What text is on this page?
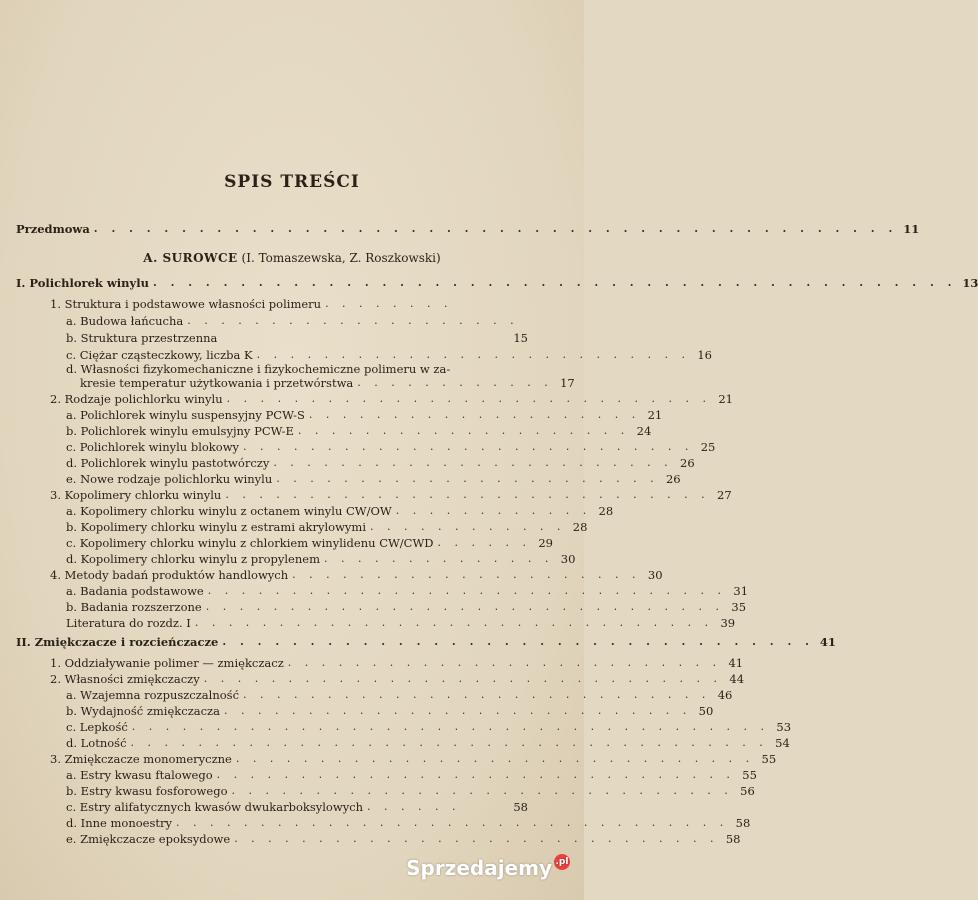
SPIS TREŚCI
Przedmowa . . . . . . . . . . . . . . . . . . . . . . . . . . . . . . . . . . . . . . . . . . . . . . 11
A. SUROWCE (I. Tomaszewska, Z. Roszkowski)
I. Polichlorek winylu . . . . . . . . . . . . . . . . . . . . . . . . . . . . . . . . . . . . . . . . . . . . . . 13
1. Struktura i podstawowe własności polimeru . . . . . . . .
a. Budowa łańcucha . . . . . . . . . . . . . . . . . . . .
b. Struktura przestrzenna	15
c. Ciężar cząsteczkowy, liczba K . . . . . . . . . . . . . . . . . . . . . . . . . . 16
d. Własności fizykomechaniczne i fizykochemiczne polimeru w za-
kresie temperatur użytkowania i przetwórstwa . . . . . . . . . . . . 17
2. Rodzaje polichlorku winylu . . . . . . . . . . . . . . . . . . . . . . . . . . . . . 21
a. Polichlorek winylu suspensyjny PCW-S . . . . . . . . . . . . . . . . . . . . 21
b. Polichlorek winylu emulsyjny PCW-E . . . . . . . . . . . . . . . . . . . . 24
c. Polichlorek winylu blokowy . . . . . . . . . . . . . . . . . . . . . . . . . . . 25
d. Polichlorek winylu pastotwórczy . . . . . . . . . . . . . . . . . . . . . . . . 26
e. Nowe rodzaje polichlorku winylu . . . . . . . . . . . . . . . . . . . . . . . 26
3. Kopolimery chlorku winylu . . . . . . . . . . . . . . . . . . . . . . . . . . . . . 27
a. Kopolimery chlorku winylu z octanem winylu CW/OW . . . . . . . . . . . . 28
b. Kopolimery chlorku winylu z estrami akrylowymi . . . . . . . . . . . . 28
c. Kopolimery chlorku winylu z chlorkiem winylidenu CW/CWD . . . . . . 29
d. Kopolimery chlorku winylu z propylenem . . . . . . . . . . . . . . 30
4. Metody badań produktów handlowych . . . . . . . . . . . . . . . . . . . . . 30
a. Badania podstawowe . . . . . . . . . . . . . . . . . . . . . . . . . . . . . . . 31
b. Badania rozszerzone . . . . . . . . . . . . . . . . . . . . . . . . . . . . . . . 35
Literatura do rozdz. I . . . . . . . . . . . . . . . . . . . . . . . . . . . . . . . 39
II. Zmiękczacze i rozcieńczacze . . . . . . . . . . . . . . . . . . . . . . . . . . . . . . . . . . 41
1. Oddziaływanie polimer — zmiękczacz . . . . . . . . . . . . . . . . . . . . . . . . . . 41
2. Własności zmiękczaczy . . . . . . . . . . . . . . . . . . . . . . . . . . . . . . . 44
a. Wzajemna rozpuszczalność . . . . . . . . . . . . . . . . . . . . . . . . . . . . 46
b. Wydajność zmiękczacza . . . . . . . . . . . . . . . . . . . . . . . . . . . . 50
c. Lepkość . . . . . . . . . . . . . . . . . . . . . . . . . . . . . . . . . . . . . . 53
d. Lotność . . . . . . . . . . . . . . . . . . . . . . . . . . . . . . . . . . . . . . 54
3. Zmiękczacze monomeryczne . . . . . . . . . . . . . . . . . . . . . . . . . . . . . . . 55
a. Estry kwasu ftalowego . . . . . . . . . . . . . . . . . . . . . . . . . . . . . . . 55
b. Estry kwasu fosforowego . . . . . . . . . . . . . . . . . . . . . . . . . . . . . . 56
c. Estry alifatycznych kwasów dwukarboksylowych . . . . . .	58
d. Inne monoestry . . . . . . . . . . . . . . . . . . . . . . . . . . . . . . . . . 58
e. Zmiękczacze epoksydowe . . . . . . . . . . . . . . . . . . . . . . . . . . . . . 58
Sprzedajemy .pl
